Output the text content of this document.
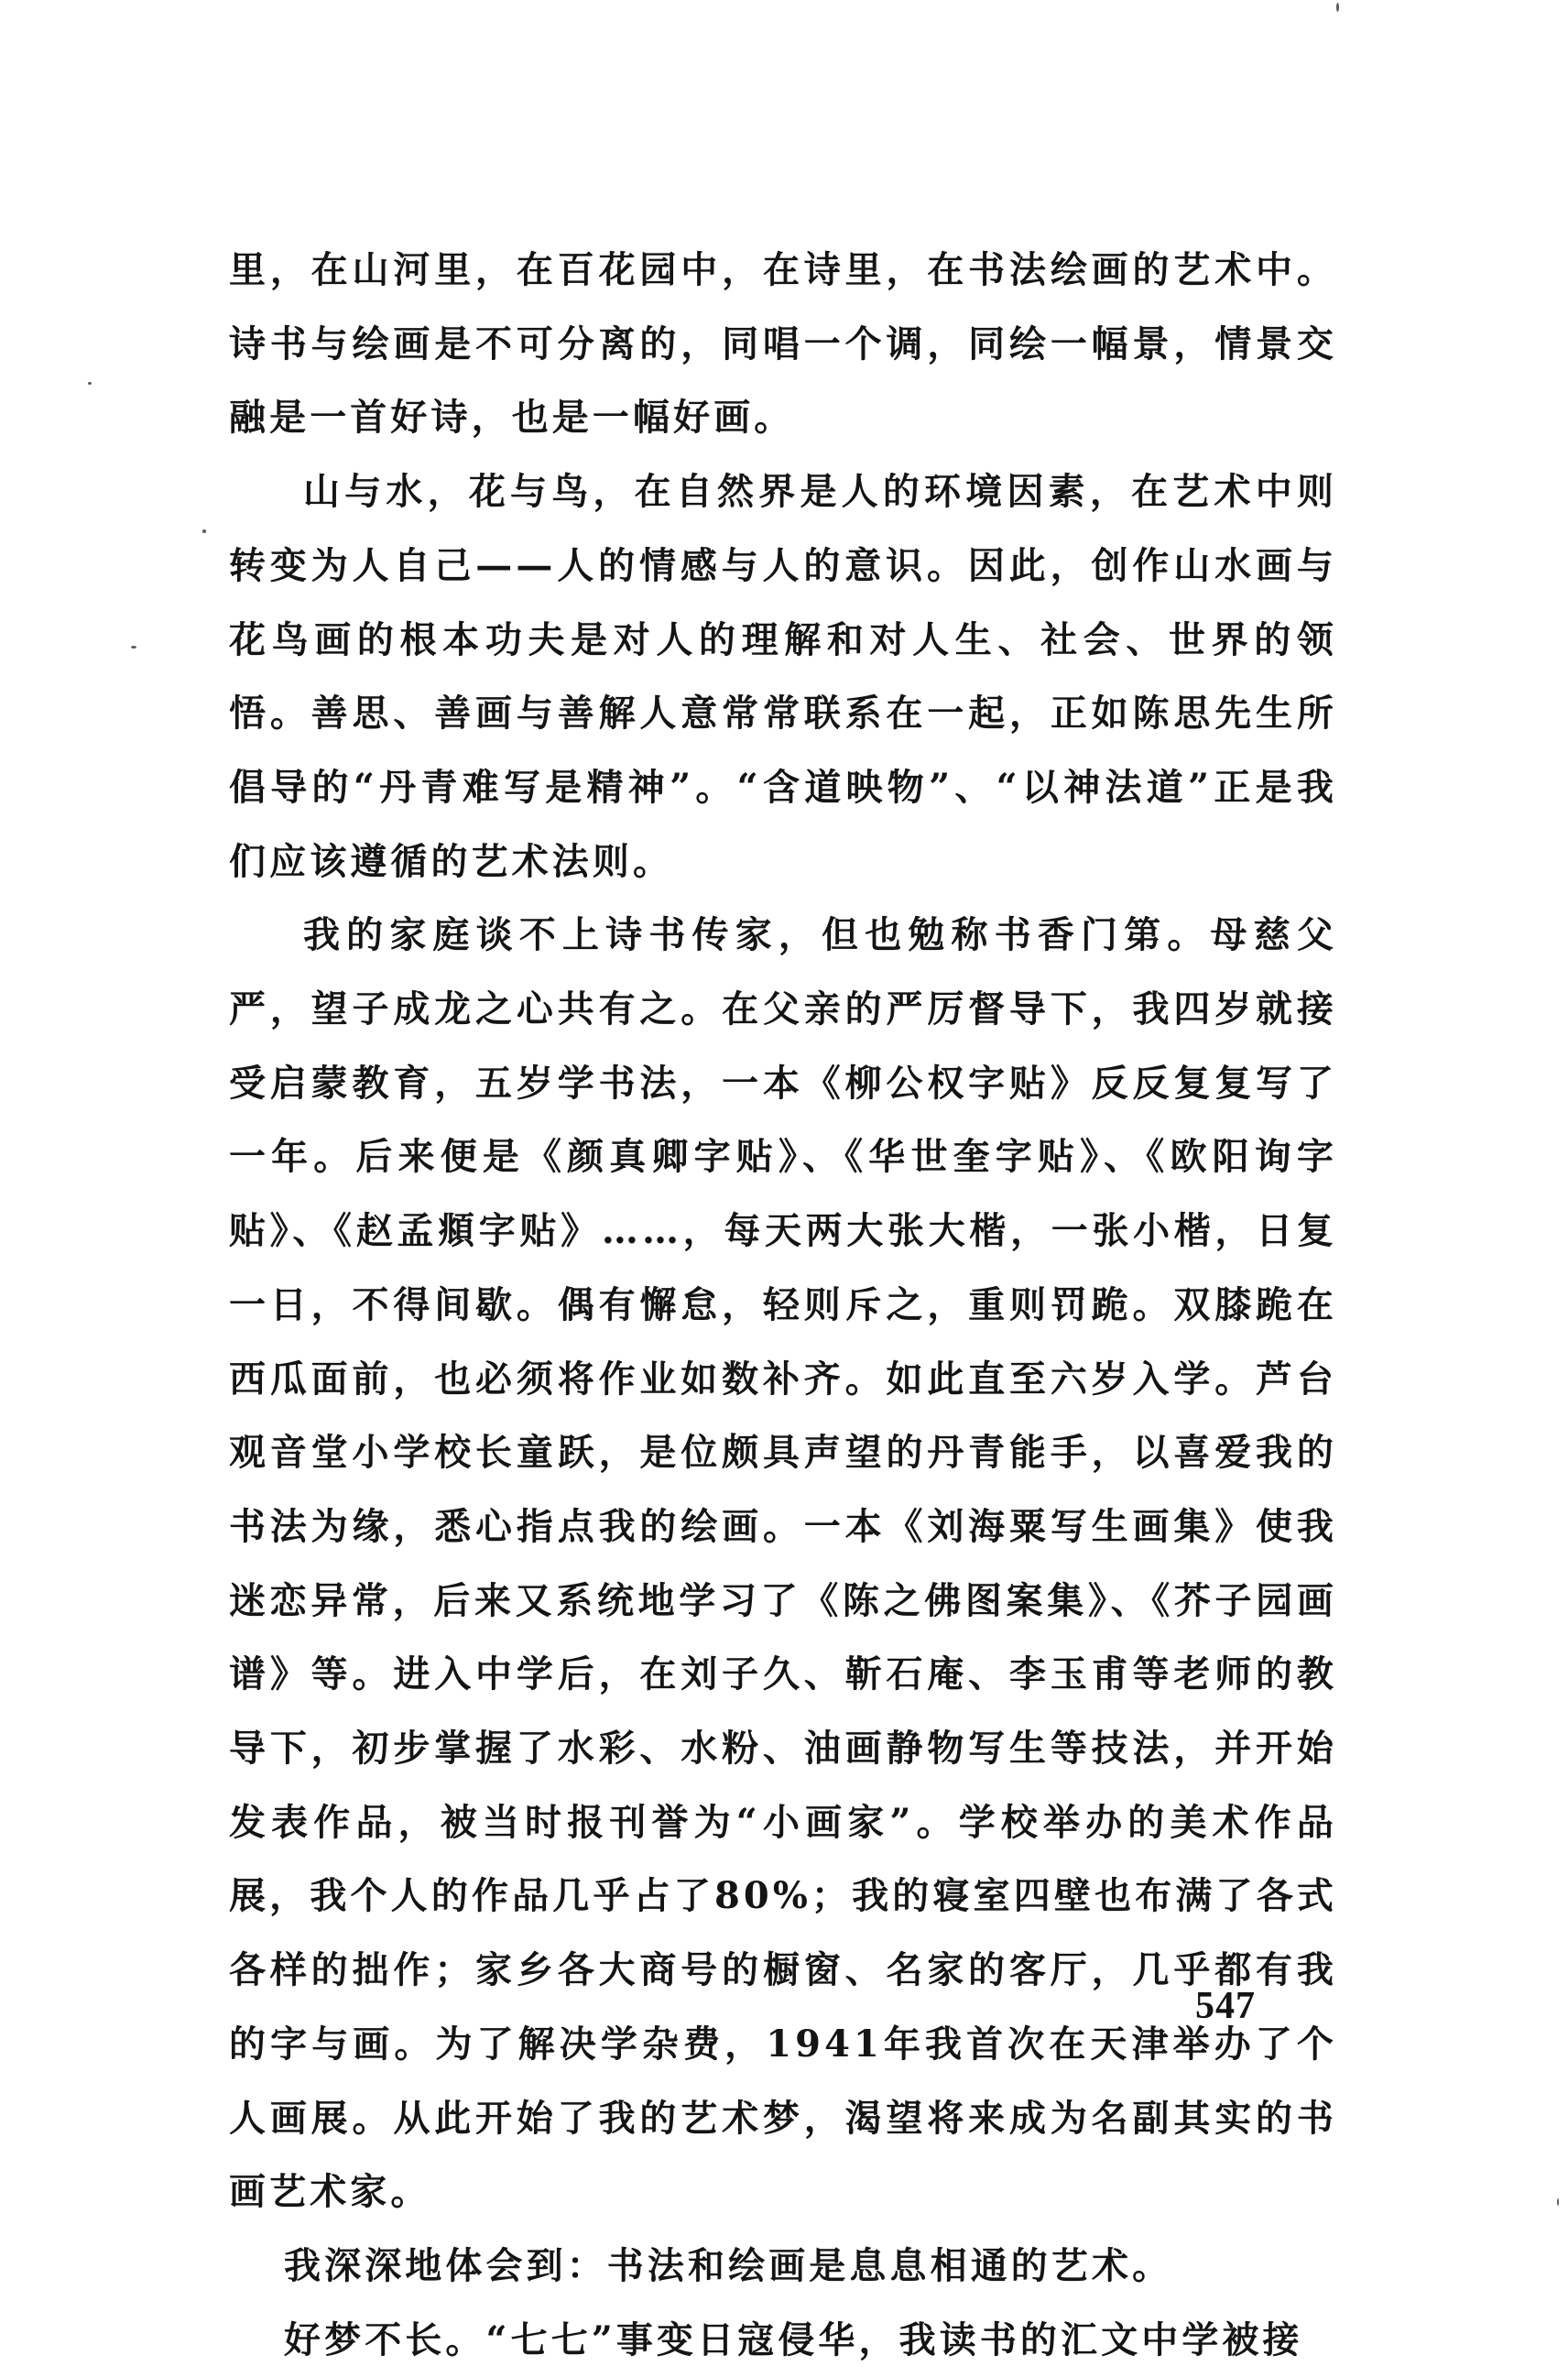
里，在山河里，在百花园中，在诗里，在书法绘画的艺术中。诗书与绘画是不可分离的，同唱一个调，同绘一幅景，情景交融是一首好诗，也是一幅好画。

山与水，花与鸟，在自然界是人的环境因素，在艺术中则转变为人自己——人的情感与人的意识。因此，创作山水画与花鸟画的根本功夫是对人的理解和对人生、社会、世界的领悟。善思、善画与善解人意常常联系在一起，正如陈思先生所倡导的“丹青难写是精神”。“含道映物”、“以神法道”正是我们应该遵循的艺术法则。

我的家庭谈不上诗书传家，但也勉称书香门第。母慈父严，望子成龙之心共有之。在父亲的严厉督导下，我四岁就接受启蒙教育，五岁学书法，一本《柳公权字贴》反反复复写了一年。后来便是《颜真卿字贴》、《华世奎字贴》、《欧阳询字贴》、《赵孟頫字贴》……，每天两大张大楷，一张小楷，日复一日，不得间歇。偶有懈怠，轻则斥之，重则罚跪。双膝跪在西瓜面前，也必须将作业如数补齐。如此直至六岁入学。芦台观音堂小学校长童跃，是位颇具声望的丹青能手，以喜爱我的书法为缘，悉心指点我的绘画。一本《刘海粟写生画集》使我迷恋异常，后来又系统地学习了《陈之佛图案集》、《芥子园画谱》等。进入中学后，在刘子久、靳石庵、李玉甫等老师的教导下，初步掌握了水彩、水粉、油画静物写生等技法，并开始发表作品，被当时报刊誉为“小画家”。学校举办的美术作品展，我个人的作品几乎占了80%；我的寝室四壁也布满了各式各样的拙作；家乡各大商号的橱窗、名家的客厅，几乎都有我的字与画。为了解决学杂费，1941年我首次在天津举办了个人画展。从此开始了我的艺术梦，渴望将来成为名副其实的书画艺术家。

我深深地体会到：书法和绘画是息息相通的艺术。

好梦不长。“七七”事变日寇侵华，我读书的汇文中学被接

547
